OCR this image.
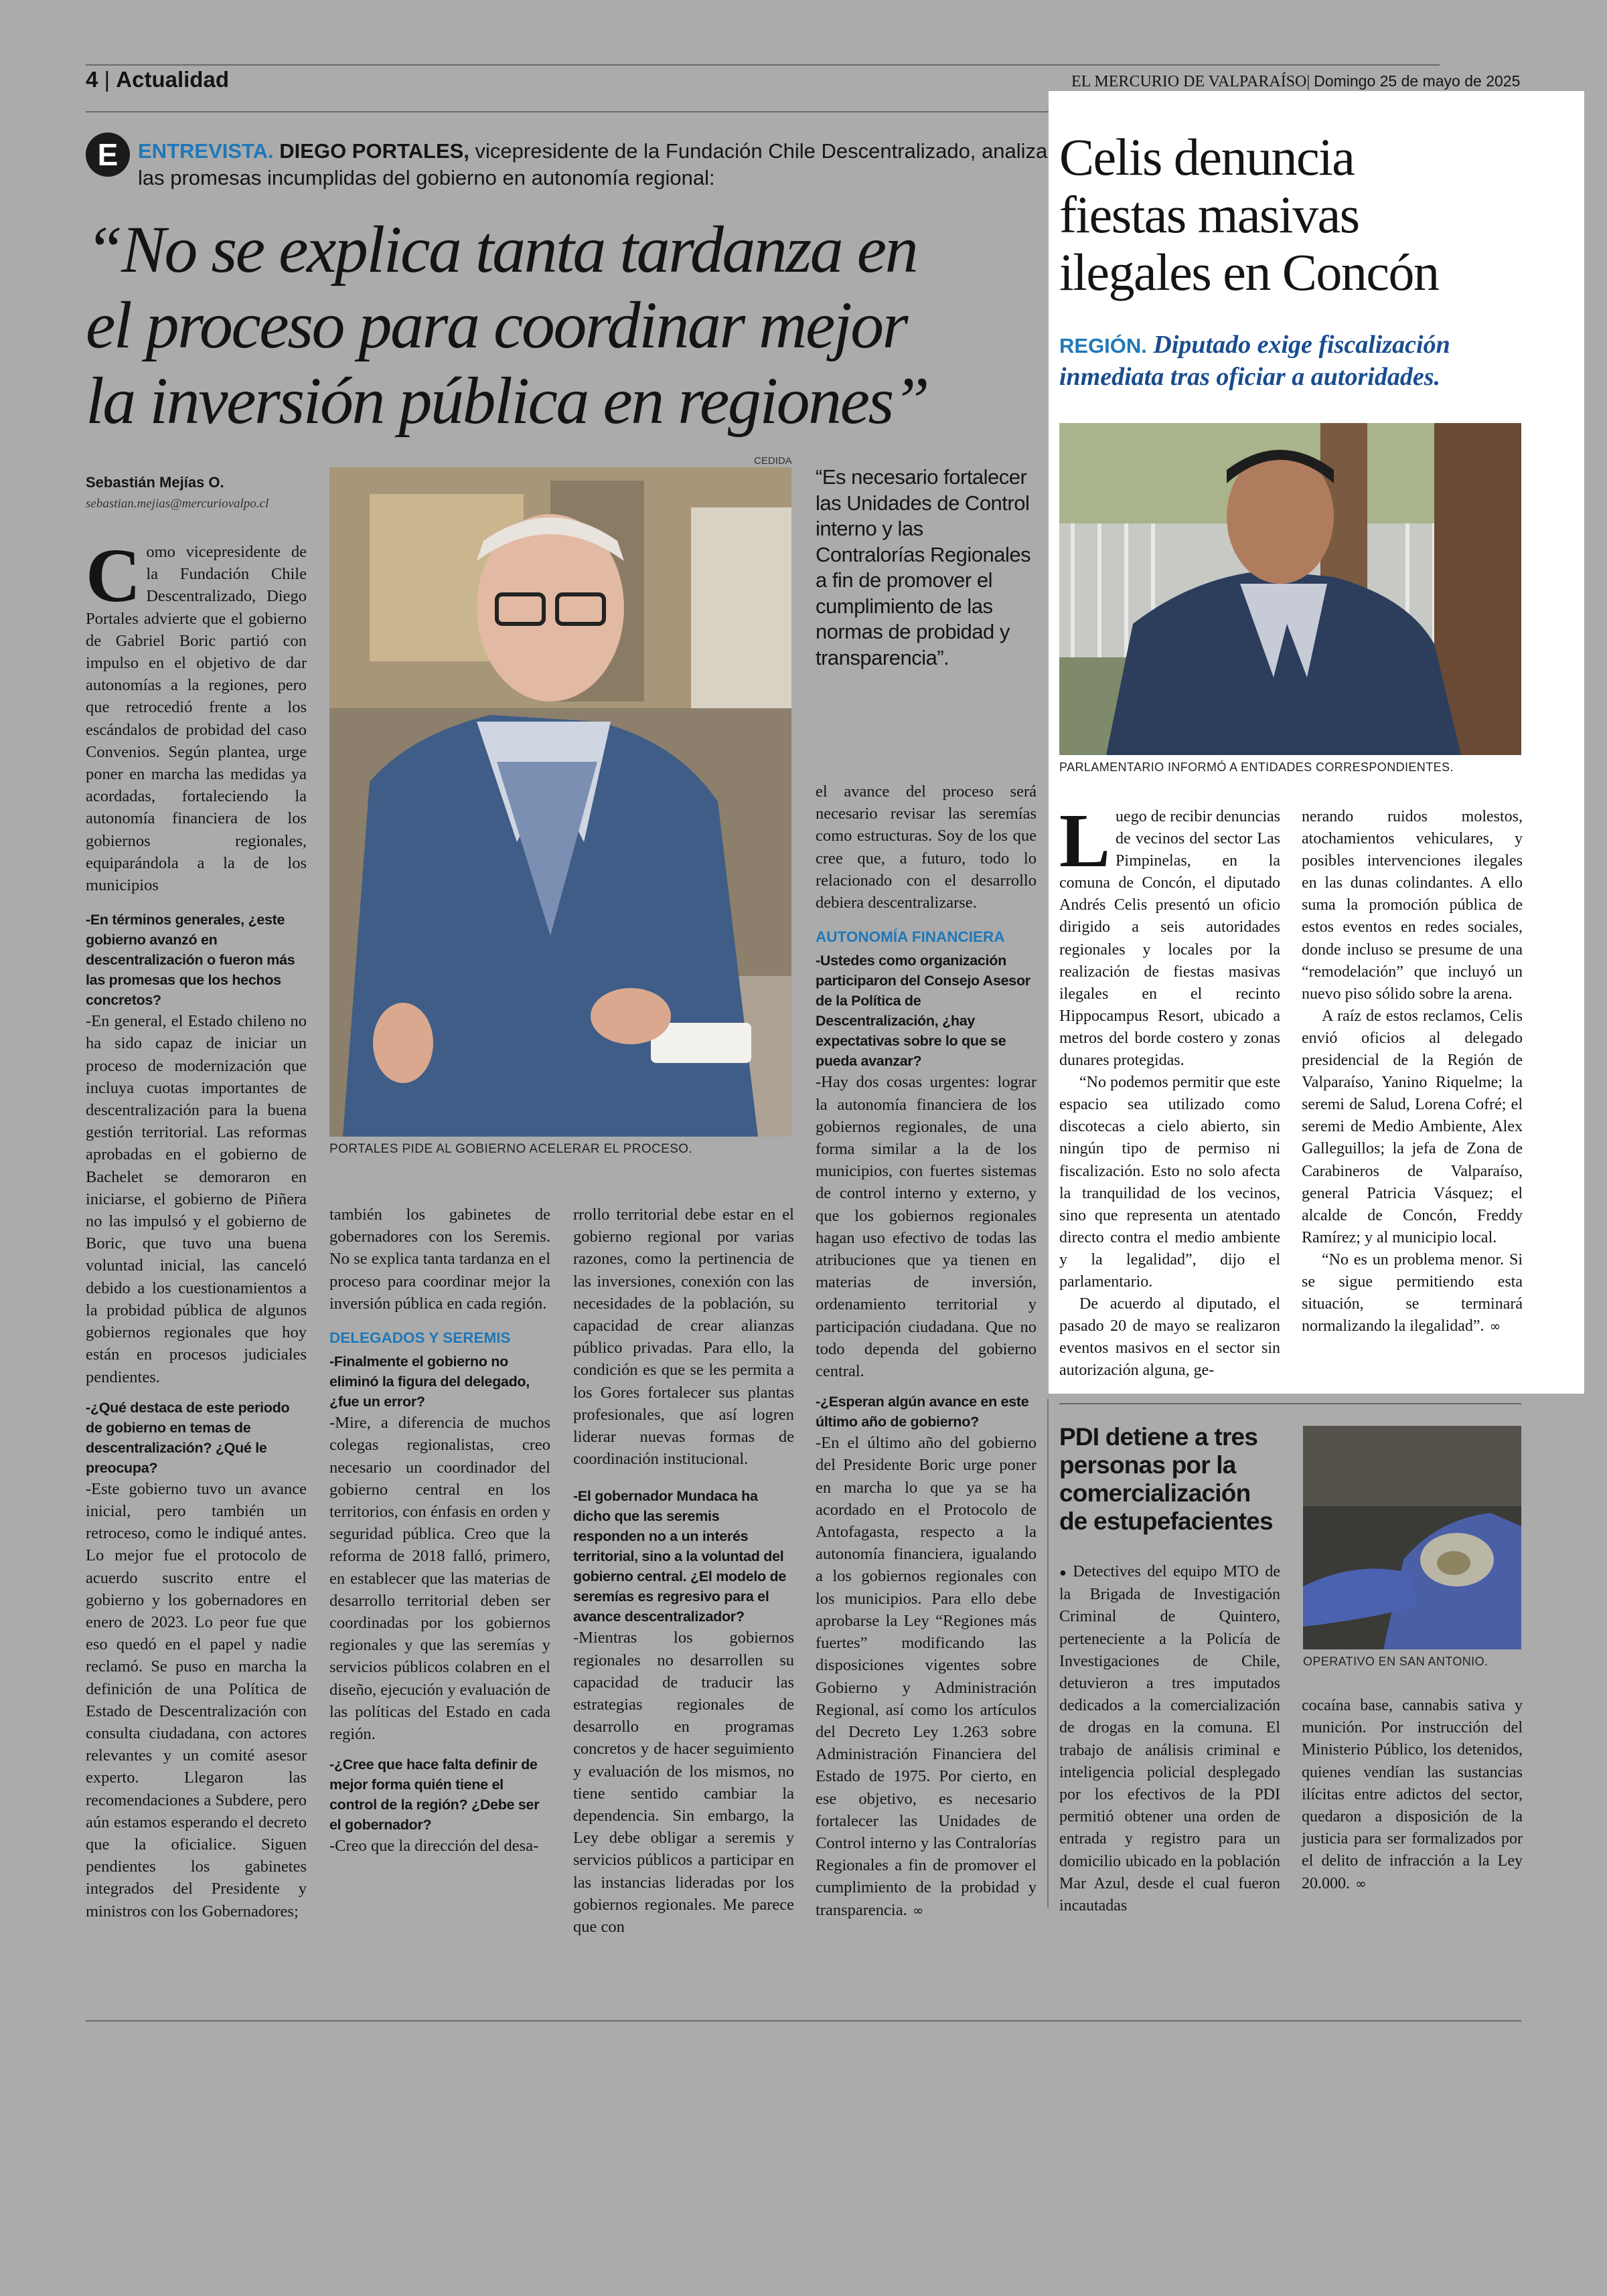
4 | Actualidad	EL MERCURIO DE VALPARAÍSO| Domingo 25 de mayo de 2025
E ENTREVISTA. DIEGO PORTALES, vicepresidente de la Fundación Chile Descentralizado, analiza
las promesas incumplidas del gobierno en autonomía regional:
“No se explica tanta tardanza en
el proceso para coordinar mejor
la inversión pública en regiones”
Sebastián Mejías O.
sebastian.mejias@mercuriovalpo.cl
CEDIDA
PORTALES PIDE AL GOBIERNO ACELERAR EL PROCESO.
“Es necesario fortalecer las Unidades de Control interno y las Contralorías Regionales a fin de promover el cumplimiento de las normas de probidad y transparencia”.

Como vicepresidente de la Fundación Chile Descentralizado, Diego Portales advierte que el gobierno de Gabriel Boric partió con impulso en el objetivo de dar autonomías a la regiones, pero que retrocedió frente a los escándalos de probidad del caso Convenios. Según plantea, urge poner en marcha las medidas ya acordadas, fortaleciendo la autonomía financiera de los gobiernos regionales, equiparándola a la de los municipios

-En términos generales, ¿este gobierno avanzó en descentralización o fueron más las promesas que los hechos concretos?

-En general, el Estado chileno no ha sido capaz de iniciar un proceso de modernización que incluya cuotas importantes de descentralización para la buena gestión territorial. Las reformas aprobadas en el gobierno de Bachelet se demoraron en iniciarse, el gobierno de Piñera no las impulsó y el gobierno de Boric, que tuvo una buena voluntad inicial, las canceló debido a los cuestionamientos a la probidad pública de algunos gobiernos regionales que hoy están en procesos judiciales pendientes.

-¿Qué destaca de este periodo de gobierno en temas de descentralización? ¿Qué le preocupa?

-Este gobierno tuvo un avance inicial, pero también un retroceso, como le indiqué antes. Lo mejor fue el protocolo de acuerdo suscrito entre el gobierno y los gobernadores en enero de 2023. Lo peor fue que eso quedó en el papel y nadie reclamó. Se puso en marcha la definición de una Política de Estado de Descentralización con consulta ciudadana, con actores relevantes y un comité asesor experto. Llegaron las recomendaciones a Subdere, pero aún estamos esperando el decreto que la oficialice. Siguen pendientes los gabinetes integrados del Presidente y ministros con los Gobernadores;

también los gabinetes de gobernadores con los Seremis. No se explica tanta tardanza en el proceso para coordinar mejor la inversión pública en cada región.

DELEGADOS Y SEREMIS

-Finalmente el gobierno no eliminó la figura del delegado, ¿fue un error?

-Mire, a diferencia de muchos colegas regionalistas, creo necesario un coordinador del gobierno central en los territorios, con énfasis en orden y seguridad pública. Creo que la reforma de 2018 falló, primero, en establecer que las materias de desarrollo territorial deben ser coordinadas por los gobiernos regionales y que las seremías y servicios públicos colabren en el diseño, ejecución y evaluación de las políticas del Estado en cada región.

-¿Cree que hace falta definir de mejor forma quién tiene el control de la región? ¿Debe ser el gobernador?

-Creo que la dirección del desa-

rrollo territorial debe estar en el gobierno regional por varias razones, como la pertinencia de las inversiones, conexión con las necesidades de la población, su capacidad de crear alianzas público privadas. Para ello, la condición es que se les permita a los Gores fortalecer sus plantas profesionales, que así logren liderar nuevas formas de coordinación institucional.

-El gobernador Mundaca ha dicho que las seremis responden no a un interés territorial, sino a la voluntad del gobierno central. ¿El modelo de seremías es regresivo para el avance descentralizador?

-Mientras los gobiernos regionales no desarrollen su capacidad de traducir las estrategias regionales de desarrollo en programas concretos y de hacer seguimiento y evaluación de los mismos, no tiene sentido cambiar la dependencia. Sin embargo, la Ley debe obligar a seremis y servicios públicos a participar en las instancias lideradas por los gobiernos regionales. Me parece que con

el avance del proceso será necesario revisar las seremías como estructuras. Soy de los que cree que, a futuro, todo lo relacionado con el desarrollo debiera descentralizarse.

AUTONOMÍA FINANCIERA

-Ustedes como organización participaron del Consejo Asesor de la Política de Descentralización, ¿hay expectativas sobre lo que se pueda avanzar?

-Hay dos cosas urgentes: lograr la autonomía financiera de los gobiernos regionales, de una forma similar a la de los municipios, con fuertes sistemas de control interno y externo, y que los gobiernos regionales hagan uso efectivo de todas las atribuciones que ya tienen en materias de inversión, ordenamiento territorial y participación ciudadana. Que no todo dependa del gobierno central.

-¿Esperan algún avance en este último año de gobierno?

-En el último año del gobierno del Presidente Boric urge poner en marcha lo que ya se ha acordado en el Protocolo de Antofagasta, respecto a la autonomía financiera, igualando a los gobiernos regionales con los municipios. Para ello debe aprobarse la Ley “Regiones más fuertes” modificando las disposiciones vigentes sobre Gobierno y Administración Regional, así como los artículos del Decreto Ley 1.263 sobre Administración Financiera del Estado de 1975. Por cierto, en ese objetivo, es necesario fortalecer las Unidades de Control interno y las Contralorías Regionales a fin de promover el cumplimiento de la probidad y transparencia. ∞

Celis denuncia
fiestas masivas
ilegales en Concón
REGIÓN. Diputado exige fiscalización
inmediata tras oficiar a autoridades.
PARLAMENTARIO INFORMÓ A ENTIDADES CORRESPONDIENTES.

Luego de recibir denuncias de vecinos del sector Las Pimpinelas, en la comuna de Concón, el diputado Andrés Celis presentó un oficio dirigido a seis autoridades regionales y locales por la realización de fiestas masivas ilegales en el recinto Hippocampus Resort, ubicado a metros del borde costero y zonas dunares protegidas.

“No podemos permitir que este espacio sea utilizado como discotecas a cielo abierto, sin ningún tipo de permiso ni fiscalización. Esto no solo afecta la tranquilidad de los vecinos, sino que representa un atentado directo contra el medio ambiente y la legalidad”, dijo el parlamentario.

De acuerdo al diputado, el pasado 20 de mayo se realizaron eventos masivos en el sector sin autorización alguna, ge-

nerando ruidos molestos, atochamientos vehiculares, y posibles intervenciones ilegales en las dunas colindantes. A ello suma la promoción pública de estos eventos en redes sociales, donde incluso se presume de una “remodelación” que incluyó un nuevo piso sólido sobre la arena.

A raíz de estos reclamos, Celis envió oficios al delegado presidencial de la Región de Valparaíso, Yanino Riquelme; la seremi de Salud, Lorena Cofré; el seremi de Medio Ambiente, Alex Galleguillos; la jefa de Zona de Carabineros de Valparaíso, general Patricia Vásquez; el alcalde de Concón, Freddy Ramírez; y al municipio local.

“No es un problema menor. Si se sigue permitiendo esta situación, se terminará normalizando la ilegalidad”. ∞

PDI detiene a tres
personas por la
comercialización
de estupefacientes
OPERATIVO EN SAN ANTONIO.

● Detectives del equipo MTO de la Brigada de Investigación Criminal de Quintero, perteneciente a la Policía de Investigaciones de Chile, detuvieron a tres imputados dedicados a la comercialización de drogas en la comuna. El trabajo de análisis criminal e inteligencia policial desplegado por los efectivos de la PDI permitió obtener una orden de entrada y registro para un domicilio ubicado en la población Mar Azul, desde el cual fueron incautadas

cocaína base, cannabis sativa y munición. Por instrucción del Ministerio Público, los detenidos, quienes vendían las sustancias ilícitas entre adictos del sector, quedaron a disposición de la justicia para ser formalizados por el delito de infracción a la Ley 20.000. ∞
